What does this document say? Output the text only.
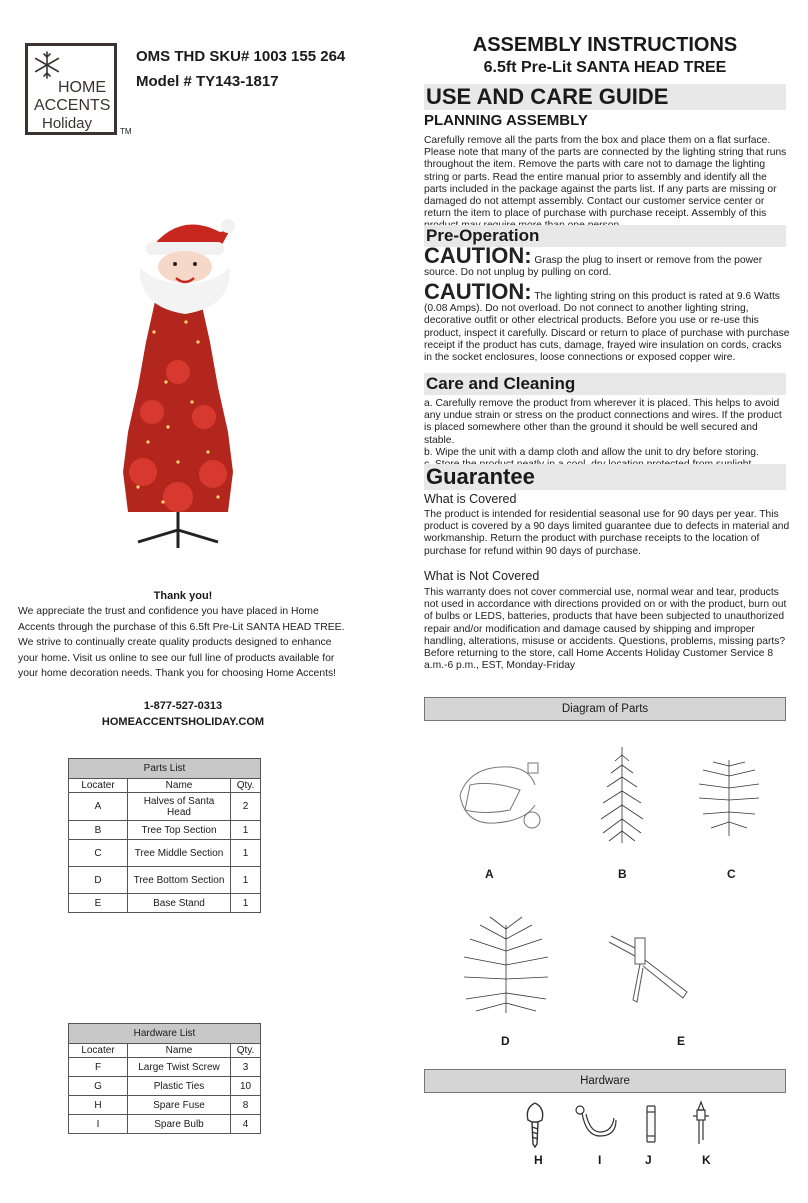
HOME
ACCENTS
Holiday	TM
OMS THD SKU# 1003 155 264
Model # TY143-1817
ASSEMBLY INSTRUCTIONS
6.5ft Pre-Lit SANTA HEAD TREE
Thank you!
We appreciate the trust and confidence you have placed in Home Accents through the purchase of this 6.5ft Pre-Lit SANTA HEAD TREE. We strive to continually create quality products designed to enhance your home. Visit us online to see our full line of products available for your home decoration needs. Thank you for choosing Home Accents!
1-877-527-0313
HOMEACCENTSHOLIDAY.COM
Parts List		
Locater	Name	Qty.
A	Halves of Santa Head	2
B	Tree Top Section	1
C	Tree Middle Section	1
D	Tree Bottom Section	1
E	Base Stand	1
Hardware List		
Locater	Name	Qty.
F	Large Twist Screw	3
G	Plastic Ties	10
H	Spare Fuse	8
I	Spare Bulb	4
USE AND CARE GUIDE
PLANNING ASSEMBLY
Carefully remove all the parts from the box and place them on a flat surface. Please note that many of the parts are connected by the lighting string that runs throughout the item. Remove the parts with care not to damage the lighting string or parts. Read the entire manual prior to assembly and identify all the parts included in the package against the parts list. If any parts are missing or damaged do not attempt assembly. Contact our customer service center or return the item to place of purchase with purchase receipt. Assembly of this
Pre-Operation
CAUTION: Grasp the plug to insert or remove from the power source. Do not unplug by pulling on cord.
CAUTION: The lighting string on this product is rated at 9.6 Watts (0.08 Amps). Do not overload. Do not connect to another lighting string, decorative outfit or other electrical products. Before you use or re-use this product, inspect it carefully. Discard or return to place of purchase with purchase receipt if the product has cuts, damage, frayed wire insulation on cords, cracks in the socket enclosures, loose connections or exposed copper wire.
Care and Cleaning
a. Carefully remove the product from wherever it is placed. This helps to avoid any undue strain or stress on the product connections and wires. If the product is placed somewhere other than the ground it should be well secured and stable.
b. Wipe the unit with a damp cloth and allow the unit to dry before storing.
Guarantee
What is Covered
The product is intended for residential seasonal use for 90 days per year. This product is covered by a 90 days limited guarantee due to defects in material and workmanship. Return the product with purchase receipts to the location of purchase for refund within 90 days of purchase.
What is Not Covered
This warranty does not cover commercial use, normal wear and tear, products not used in accordance with directions provided on or with the product, burn out of bulbs or LEDS, batteries, products that have been subjected to unauthorized repair and/or modification and damage caused by shipping and improper handling, alterations, misuse or accidents. Questions, problems, missing parts? Before returning to the store, call Home Accents Holiday Customer Service 8 a.m.-6 p.m., EST, Monday-Friday
Diagram of Parts
A	B	C
D	E
Hardware
H	I	J	K
